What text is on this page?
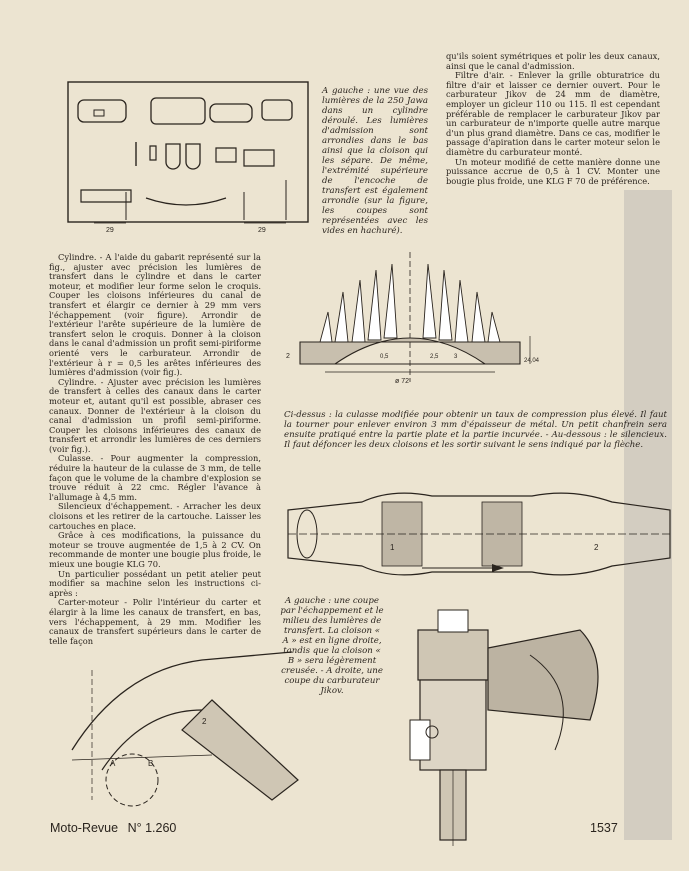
29	29
A gauche : une vue des lumières de la 250 Jawa dans un cylindre déroulé. Les lumières d'admission sont arrondies dans le bas ainsi que la cloison qui les sépare. De même, l'extrémité supérieure de l'encoche de transfert est également arrondie (sur la figure, les coupes sont représentées avec les vides en hachuré).

qu'ils soient symétriques et polir les deux canaux, ainsi que le canal d'admission.

Filtre d'air. - Enlever la grille obturatrice du filtre d'air et laisser ce dernier ouvert. Pour le carburateur Jikov de 24 mm de diamètre, employer un gicleur 110 ou 115. Il est cependant préférable de remplacer le carburateur Jikov par un carburateur de n'importe quelle autre marque d'un plus grand diamètre. Dans ce cas, modifier le passage d'apiration dans le carter moteur selon le diamètre du carburateur monté.

Un moteur modifié de cette manière donne une puissance accrue de 0,5 à 1 CV. Monter une bougie plus froide, une KLG F 70 de préférence.

Cylindre. - A l'aide du gabarit représenté sur la fig., ajuster avec précision les lumières de transfert dans le cylindre et dans le carter moteur, et modifier leur forme selon le croquis. Couper les cloisons inférieures du canal de transfert et élargir ce dernier à 29 mm vers l'échappement (voir figure). Arrondir de l'extérieur l'arête supérieure de la lumière de transfert selon le croquis. Donner à la cloison dans le canal d'admission un profit semi-piriforme orienté vers le carburateur. Arrondir de l'extérieur à r = 0,5 les arêtes inférieures des lumières d'admission (voir fig.).

Cylindre. - Ajuster avec précision les lumières de transfert à celles des canaux dans le carter moteur et, autant qu'il est possible, abraser ces canaux. Donner de l'extérieur à la cloison du canal d'admission un profil semi-piriforme. Couper les cloisons inférieures des canaux de transfert et arrondir les lumières de ces derniers (voir fig.).

Culasse. - Pour augmenter la compression, réduire la hauteur de la culasse de 3 mm, de telle façon que le volume de la chambre d'explosion se trouve réduit à 22 cmc. Régler l'avance à l'allumage à 4,5 mm.

Silencieux d'échappement. - Arracher les deux cloisons et les retirer de la cartouche. Laisser les cartouches en place.

Grâce à ces modifications, la puissance du moteur se trouve augmentée de 1,5 à 2 CV. On recommande de monter une bougie plus froide, le mieux une bougie KLG 70.

Un particulier possédant un petit atelier peut modifier sa machine selon les instructions ci-après :

Carter-moteur - Polir l'intérieur du carter et élargir à la lime les canaux de transfert, en bas, vers l'échappement, à 29 mm. Modifier les canaux de transfert supérieurs dans le carter de telle façon

ø 72
0,5	2,5	3
24,04
2
Ci-dessus : la culasse modifiée pour obtenir un taux de compression plus élevé. Il faut la tourner pour enlever environ 3 mm d'épaisseur de métal. Un petit chanfrein sera ensuite pratiqué entre la partie plate et la partie incurvée. - Au-dessous : le silencieux. Il faut défoncer les deux cloisons et les sortir suivant le sens indiqué par la flèche.
1	2
A gauche : une coupe par l'échappement et le milieu des lumières de transfert. La cloison « A » est en ligne droite, tandis que la cloison « B » sera légèrement creusée. - A droite, une coupe du carburateur Jikov.
A	B
2
Moto-Revue N° 1.260	1537
